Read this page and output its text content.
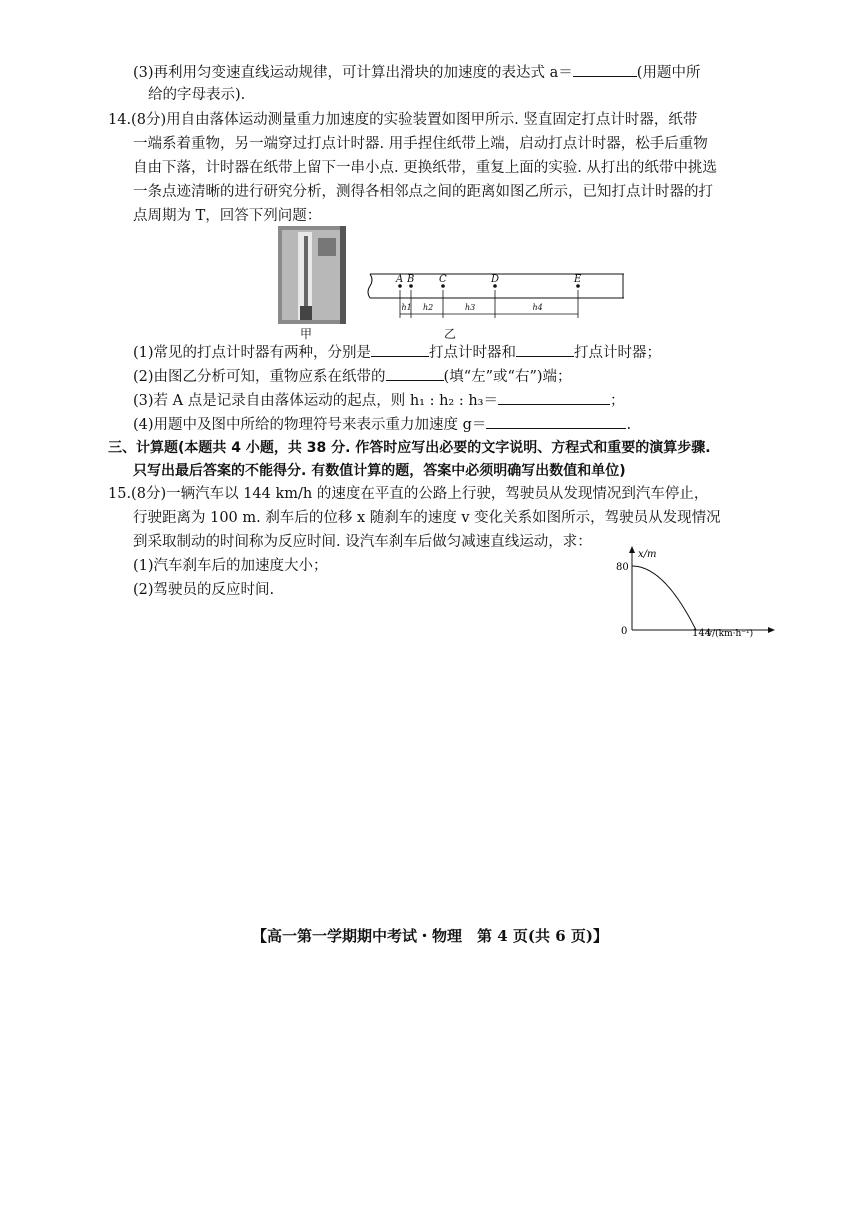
(3)再利用匀变速直线运动规律，可计算出滑块的加速度的表达式 a＝	(用题中所
给的字母表示).
14.(8分)用自由落体运动测量重力加速度的实验装置如图甲所示. 竖直固定打点计时器，纸带
一端系着重物，另一端穿过打点计时器. 用手捏住纸带上端，启动打点计时器，松手后重物
自由下落，计时器在纸带上留下一串小点. 更换纸带，重复上面的实验. 从打出的纸带中挑选
一条点迹清晰的进行研究分析，测得各相邻点之间的距离如图乙所示，已知打点计时器的打
点周期为 T，回答下列问题：
甲
A B C	D	E
h1 h2	h3	h4
乙
(1)常见的打点计时器有两种，分别是	打点计时器和	打点计时器；
(2)由图乙分析可知，重物应系在纸带的	(填“左”或“右”)端；
(3)若 A 点是记录自由落体运动的起点，则 h₁ : h₂ : h₃＝	；
(4)用题中及图中所给的物理符号来表示重力加速度 g＝	.
三、计算题(本题共 4 小题，共 38 分. 作答时应写出必要的文字说明、方程式和重要的演算步骤.
只写出最后答案的不能得分. 有数值计算的题，答案中必须明确写出数值和单位)
15.(8分)一辆汽车以 144 km/h 的速度在平直的公路上行驶，驾驶员从发现情况到汽车停止，
行驶距离为 100 m. 刹车后的位移 x 随刹车的速度 v 变化关系如图所示，驾驶员从发现情况
到采取制动的时间称为反应时间. 设汽车刹车后做匀减速直线运动，求：
(1)汽车刹车后的加速度大小；
(2)驾驶员的反应时间.
x/m
v/(km·h⁻¹)
80
0	144
【高一第一学期期中考试・物理　第 4 页(共 6 页)】
